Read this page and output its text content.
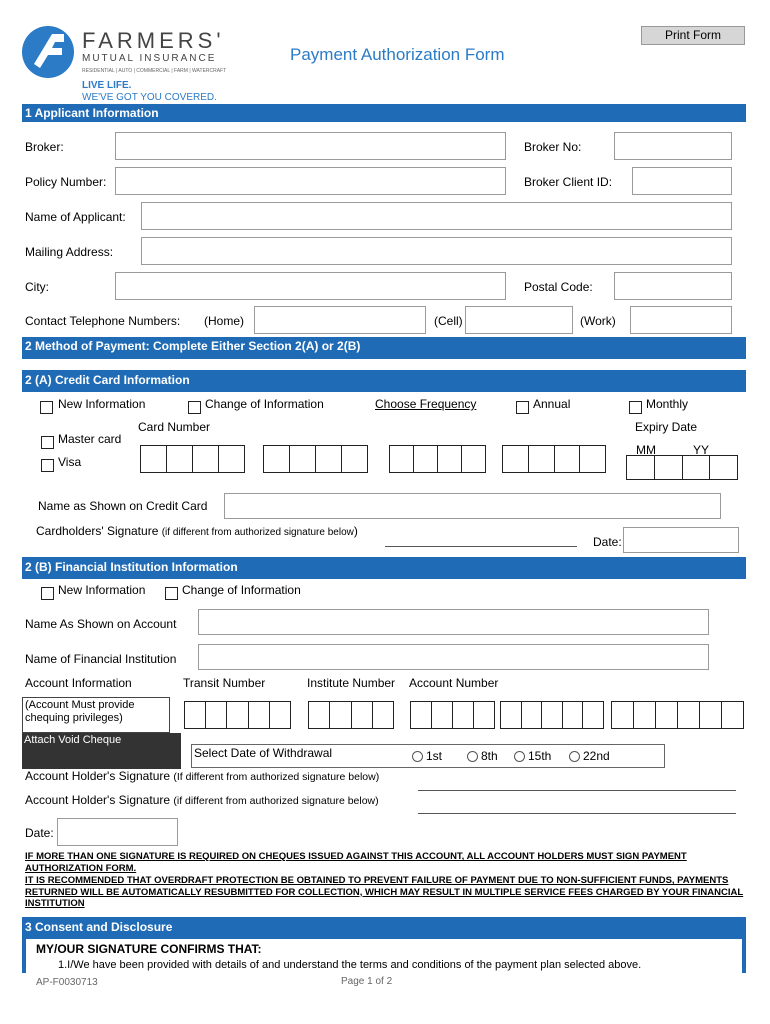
FARMERS'
MUTUAL INSURANCE
RESIDENTIAL | AUTO | COMMERCIAL | FARM | WATERCRAFT
LIVE LIFE.
WE'VE GOT YOU COVERED.
Payment Authorization Form
Print Form
1 Applicant Information
Broker:	Broker No:
Policy Number:	Broker Client ID:
Name of Applicant:
Mailing Address:
City:	Postal Code:
Contact Telephone Numbers: (Home)	(Cell)	(Work)
2 Method of Payment: Complete Either Section 2(A) or 2(B)
2 (A) Credit Card Information
New Information	Change of Information	Choose Frequency	Annual	Monthly
Card Number	Expiry Date
Master card
Visa
MM	YY
Name as Shown on Credit Card
Cardholders' Signature (if different from authorized signature below)
Date:
2 (B) Financial Institution Information
New Information	Change of Information
Name As Shown on Account
Name of Financial Institution
Account Information	Transit Number	Institute Number Account Number
(Account Must provide chequing privileges)
Attach Void Cheque
Select Date of Withdrawal	1st	8th	15th	22nd
Account Holder's Signature (If different from authorized signature below)
Account Holder's Signature (if different from authorized signature below)
Date:
IF MORE THAN ONE SIGNATURE IS REQUIRED ON CHEQUES ISSUED AGAINST THIS ACCOUNT, ALL ACCOUNT HOLDERS MUST SIGN PAYMENT AUTHORIZATION FORM.
IT IS RECOMMENDED THAT OVERDRAFT PROTECTION BE OBTAINED TO PREVENT FAILURE OF PAYMENT DUE TO NON-SUFFICIENT FUNDS, PAYMENTS RETURNED WILL BE AUTOMATICALLY RESUBMITTED FOR COLLECTION, WHICH MAY RESULT IN MULTIPLE SERVICE FEES CHARGED BY YOUR FINANCIAL INSTITUTION
3 Consent and Disclosure
MY/OUR SIGNATURE CONFIRMS THAT:
1.I/We have been provided with details of and understand the terms and conditions of the payment plan selected above.
AP-F0030713	Page 1 of 2
